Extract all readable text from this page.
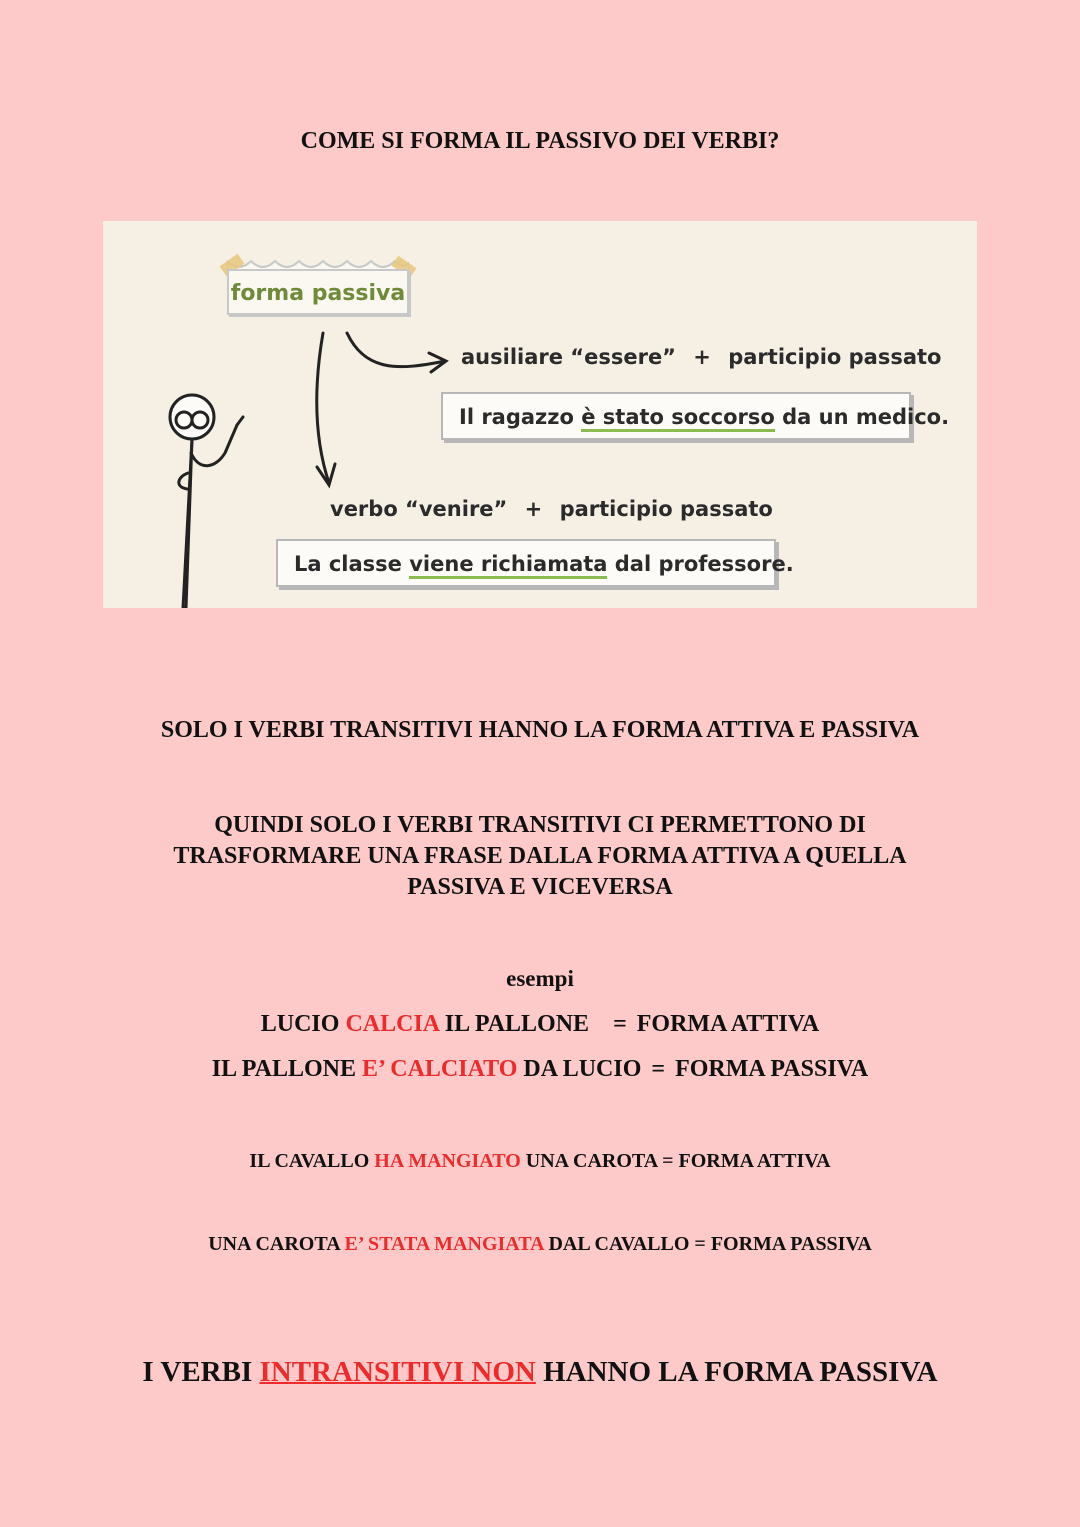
COME SI FORMA IL PASSIVO DEI VERBI?
forma passiva
ausiliare “essere” + participio passato
Il ragazzo è stato soccorso da un medico.
verbo “venire” + participio passato
La classe viene richiamata dal professore.
SOLO I VERBI TRANSITIVI HANNO LA FORMA ATTIVA E PASSIVA
QUINDI SOLO I VERBI TRANSITIVI CI PERMETTONO DI
TRASFORMARE UNA FRASE DALLA FORMA ATTIVA A QUELLA
PASSIVA E VICEVERSA
esempi
LUCIO CALCIA IL PALLONE = FORMA ATTIVA
IL PALLONE E’ CALCIATO DA LUCIO = FORMA PASSIVA
IL CAVALLO HA MANGIATO UNA CAROTA = FORMA ATTIVA
UNA CAROTA E’ STATA MANGIATA DAL CAVALLO = FORMA PASSIVA
I VERBI INTRANSITIVI NON HANNO LA FORMA PASSIVA
